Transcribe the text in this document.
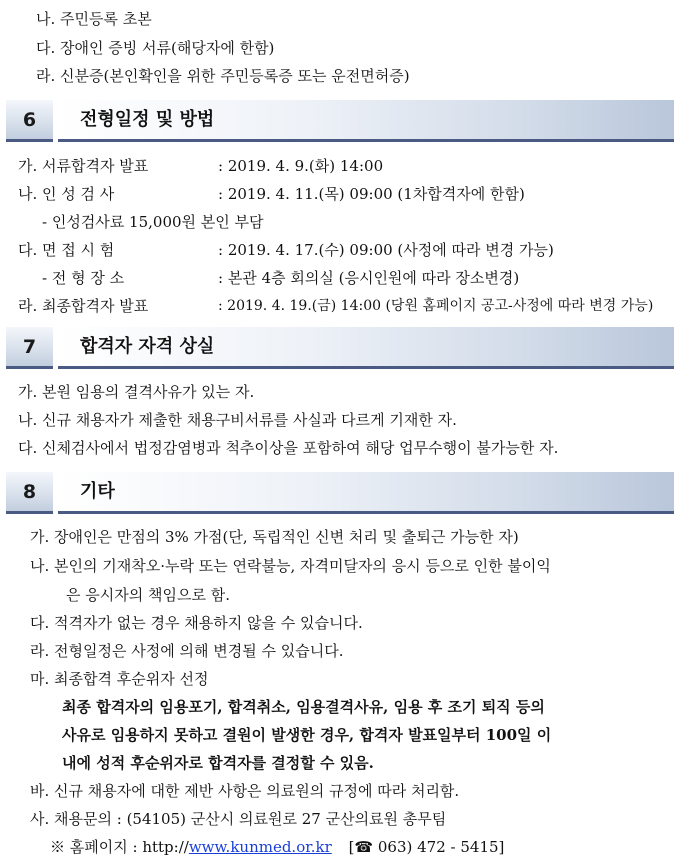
나. 주민등록 초본
다. 장애인 증빙 서류(해당자에 한함)
라. 신분증(본인확인을 위한 주민등록증 또는 운전면허증)
6	전형일정 및 방법
가. 서류합격자 발표	: 2019. 4. 9.(화) 14:00
나. 인 성 검 사	: 2019. 4. 11.(목) 09:00 (1차합격자에 한함)
- 인성검사료 15,000원 본인 부담
다. 면 접 시 험	: 2019. 4. 17.(수) 09:00 (사정에 따라 변경 가능)
- 전 형 장 소	: 본관 4층 회의실 (응시인원에 따라 장소변경)
라. 최종합격자 발표	: 2019. 4. 19.(금) 14:00 (당원 홈페이지 공고-사정에 따라 변경 가능)
7	합격자 자격 상실
가. 본원 임용의 결격사유가 있는 자.
나. 신규 채용자가 제출한 채용구비서류를 사실과 다르게 기재한 자.
다. 신체검사에서 법정감염병과 척추이상을 포함하여 해당 업무수행이 불가능한 자.
8	기타
가. 장애인은 만점의 3% 가점(단, 독립적인 신변 처리 및 출퇴근 가능한 자)
나. 본인의 기재착오·누락 또는 연락불능, 자격미달자의 응시 등으로 인한 불이익
은 응시자의 책임으로 함.
다. 적격자가 없는 경우 채용하지 않을 수 있습니다.
라. 전형일정은 사정에 의해 변경될 수 있습니다.
마. 최종합격 후순위자 선정
최종 합격자의 임용포기, 합격취소, 임용결격사유, 임용 후 조기 퇴직 등의
사유로 임용하지 못하고 결원이 발생한 경우, 합격자 발표일부터 100일 이
내에 성적 후순위자로 합격자를 결정할 수 있음.
바. 신규 채용자에 대한 제반 사항은 의료원의 규정에 따라 처리함.
사. 채용문의 : (54105) 군산시 의료원로 27 군산의료원 총무팀
※ 홈페이지 : http://www.kunmed.or.kr [☎ 063) 472 - 5415]
